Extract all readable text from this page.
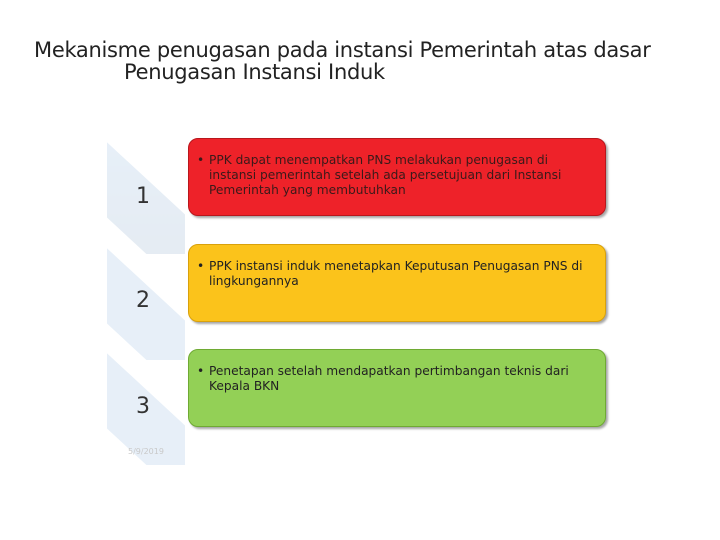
Mekanisme penugasan pada instansi Pemerintah atas dasar
Penugasan Instansi Induk
1
• PPK dapat menempatkan PNS melakukan penugasan di instansi pemerintah setelah ada persetujuan dari Instansi Pemerintah yang membutuhkan
2
• PPK instansi induk menetapkan Keputusan Penugasan PNS di lingkungannya
3
• Penetapan setelah mendapatkan pertimbangan teknis dari Kepala BKN
5/9/2019
